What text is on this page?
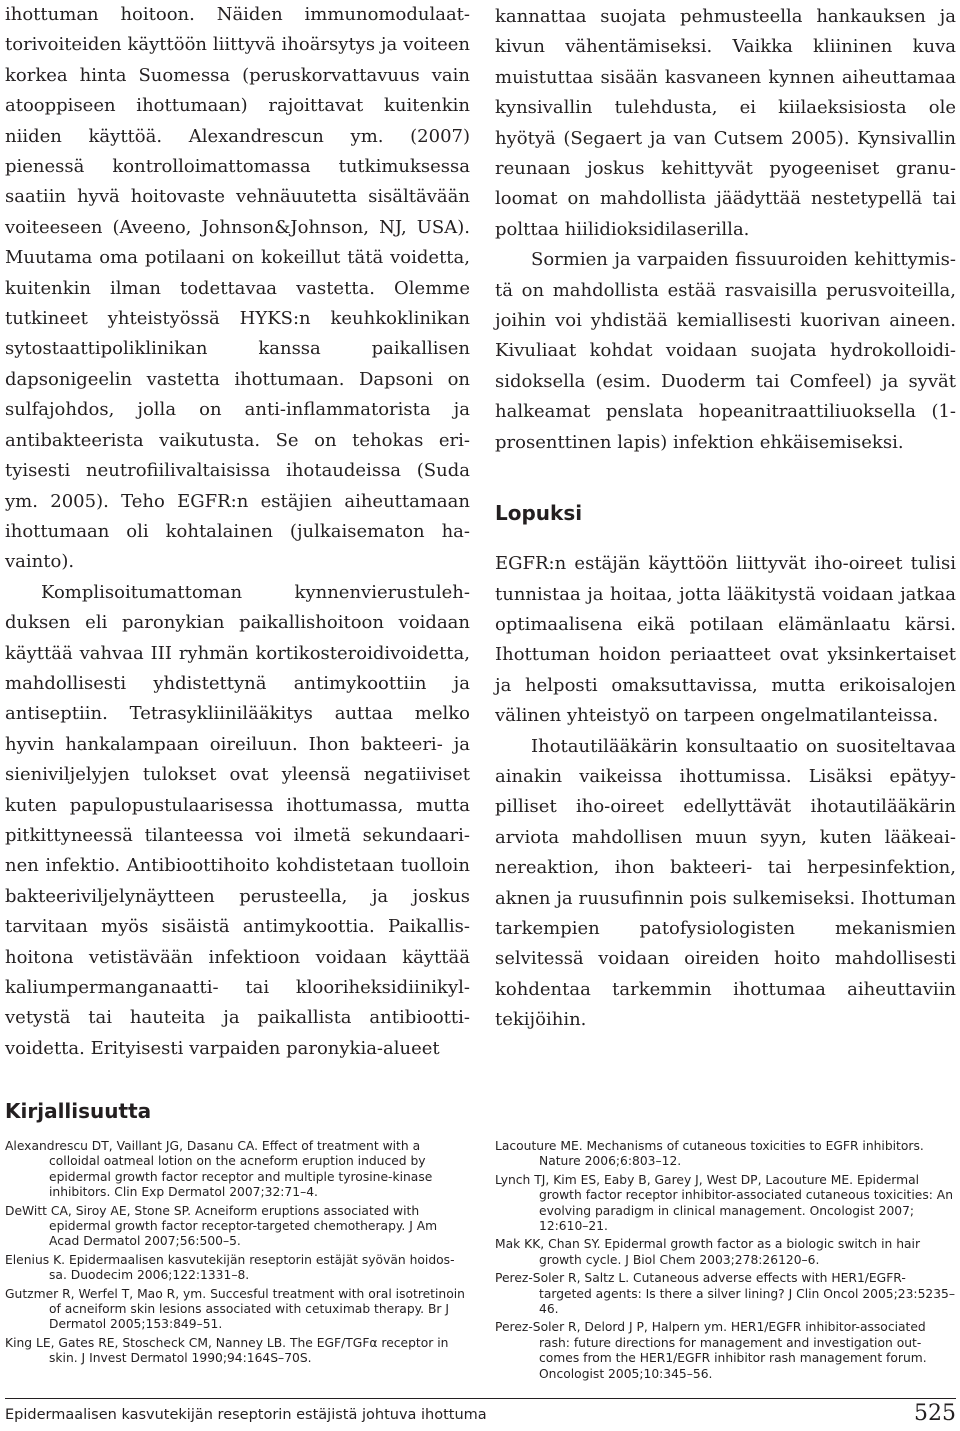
ihottuman hoitoon. Näiden immunomodulaattorivoiteiden käyttöön liittyvä ihoärsytys ja voiteen korkea hinta Suomessa (peruskorvattavuus vain atooppiseen ihottumaan) rajoittavat kuitenkin niiden käyttöä. Alexandrescun ym. (2007) pienessä kontrolloimattomassa tutkimuksessa saatiin hyvä hoitovaste vehnäuutetta sisältävään voiteeseen (Aveeno, Johnson&Johnson, NJ, USA). Muutama oma potilaani on kokeillut tätä voidetta, kuitenkin ilman todettavaa vastetta. Olemme tutkineet yhteistyössä HYKS:n keuhkoklinikan sytostaattipoliklinikan kanssa paikallisen dapsonigeelin vastetta ihottumaan. Dapsoni on sulfajohdos, jolla on anti-inflammatorista ja antibakteerista vaikutusta. Se on tehokas erityisesti neutrofiilivaltaisissa ihotaudeissa (Suda ym. 2005). Teho EGFR:n estäjien aiheuttamaan ihottumaan oli kohtalainen (julkaisematon havainto).

Komplisoitumattoman kynnenvierustulehduksen eli paronykian paikallishoitoon voidaan käyttää vahvaa III ryhmän kortikosteroidivoidetta, mahdollisesti yhdistettynä antimykoottiin ja antiseptiin. Tetrasykliinilääkitys auttaa melko hyvin hankalampaan oireiluun. Ihon bakteeri- ja sieniviljelyjen tulokset ovat yleensä negatiiviset kuten papulopustulaarisessa ihottumassa, mutta pitkittyneessä tilanteessa voi ilmetä sekundaarinen infektio. Antibioottihoito kohdistetaan tuolloin bakteeriviljelynäytteen perusteella, ja joskus tarvitaan myös sisäistä antimykoottia. Paikallishoitona vetistävään infektioon voidaan käyttää kaliumpermanganaatti- tai klooriheksidiinikylvetystä tai hauteita ja paikallista antibioottivoidetta. Erityisesti varpaiden paronykia-alueet

kannattaa suojata pehmusteella hankauksen ja kivun vähentämiseksi. Vaikka kliininen kuva muistuttaa sisään kasvaneen kynnen aiheuttamaa kynsivallin tulehdusta, ei kiilaeksisiosta ole hyötyä (Segaert ja van Cutsem 2005). Kynsivallin reunaan joskus kehittyvät pyogeeniset granuloomat on mahdollista jäädyttää nestetypellä tai polttaa hiilidioksidilaserilla.

Sormien ja varpaiden fissuuroiden kehittymistä on mahdollista estää rasvaisilla perusvoiteilla, joihin voi yhdistää kemiallisesti kuorivan aineen. Kivuliaat kohdat voidaan suojata hydrokolloidisidoksella (esim. Duoderm tai Comfeel) ja syvät halkeamat penslata hopeanitraattiliuoksella (1-prosenttinen lapis) infektion ehkäisemiseksi.

Lopuksi

EGFR:n estäjän käyttöön liittyvät iho-oireet tulisi tunnistaa ja hoitaa, jotta lääkitystä voidaan jatkaa optimaalisena eikä potilaan elämänlaatu kärsi. Ihottuman hoidon periaatteet ovat yksinkertaiset ja helposti omaksuttavissa, mutta erikoisalojen välinen yhteistyö on tarpeen ongelmatilanteissa.

Ihotautilääkärin konsultaatio on suositeltavaa ainakin vaikeissa ihottumissa. Lisäksi epätyypilliset iho-oireet edellyttävät ihotautilääkärin arviota mahdollisen muun syyn, kuten lääkeainereaktion, ihon bakteeri- tai herpesinfektion, aknen ja ruusufinnin pois sulkemiseksi. Ihottuman tarkempien patofysiologisten mekanismien selvitessä voidaan oireiden hoito mahdollisesti kohdentaa tarkemmin ihottumaa aiheuttaviin tekijöihin.

Kirjallisuutta

Alexandrescu DT, Vaillant JG, Dasanu CA. Effect of treatment with a colloidal oatmeal lotion on the acneform eruption induced by epidermal growth factor receptor and multiple tyrosine-kinase inhibitors. Clin Exp Dermatol 2007;32:71–4.

DeWitt CA, Siroy AE, Stone SP. Acneiform eruptions associated with epidermal growth factor receptor-targeted chemotherapy. J Am Acad Dermatol 2007;56:500–5.

Elenius K. Epidermaalisen kasvutekijän reseptorin estäjät syövän hoidossa. Duodecim 2006;122:1331–8.

Gutzmer R, Werfel T, Mao R, ym. Succesful treatment with oral isotretinoin of acneiform skin lesions associated with cetuximab therapy. Br J Dermatol 2005;153:849–51.

King LE, Gates RE, Stoscheck CM, Nanney LB. The EGF/TGFα receptor in skin. J Invest Dermatol 1990;94:164S–70S.

Lacouture ME. Mechanisms of cutaneous toxicities to EGFR inhibitors. Nature 2006;6:803–12.

Lynch TJ, Kim ES, Eaby B, Garey J, West DP, Lacouture ME. Epidermal growth factor receptor inhibitor-associated cutaneous toxicities: An evolving paradigm in clinical management. Oncologist 2007; 12:610–21.

Mak KK, Chan SY. Epidermal growth factor as a biologic switch in hair growth cycle. J Biol Chem 2003;278:26120–6.

Perez-Soler R, Saltz L. Cutaneous adverse effects with HER1/EGFR-targeted agents: Is there a silver lining? J Clin Oncol 2005;23:5235–46.

Perez-Soler R, Delord J P, Halpern ym. HER1/EGFR inhibitor-associated rash: future directions for management and investigation outcomes from the HER1/EGFR inhibitor rash management forum. Oncologist 2005;10:345–56.

Epidermaalisen kasvutekijän reseptorin estäjistä johtuva ihottuma	525
